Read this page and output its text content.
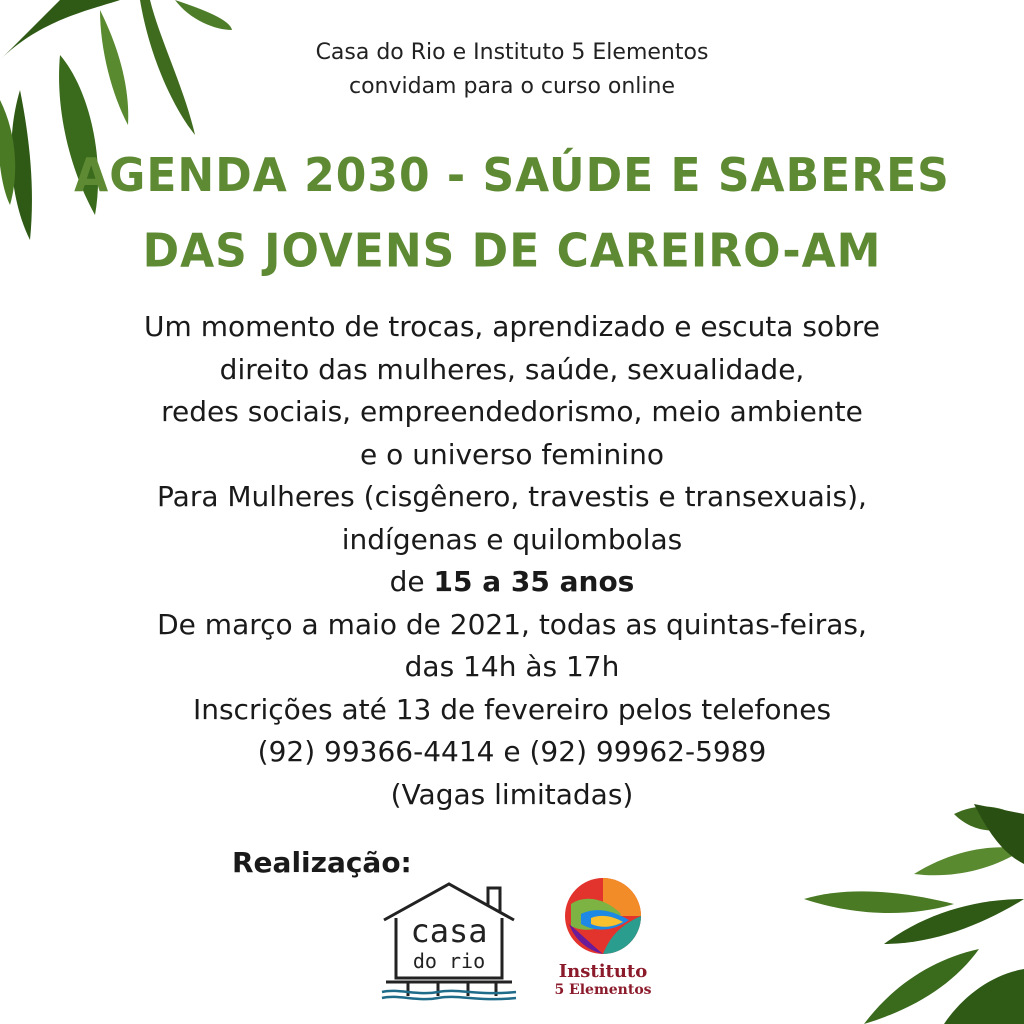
Casa do Rio e Instituto 5 Elementos
convidam para o curso online
AGENDA 2030 - SAÚDE E SABERES
DAS JOVENS DE CAREIRO-AM
Um momento de trocas, aprendizado e escuta sobre
direito das mulheres, saúde, sexualidade,
redes sociais, empreendedorismo, meio ambiente
e o universo feminino
Para Mulheres (cisgênero, travestis e transexuais),
indígenas e quilombolas
de 15 a 35 anos
De março a maio de 2021, todas as quintas-feiras,
das 14h às 17h
Inscrições até 13 de fevereiro pelos telefones
(92) 99366-4414 e (92) 99962-5989
(Vagas limitadas)
Realização:
casa
do rio	Instituto
5 Elementos
